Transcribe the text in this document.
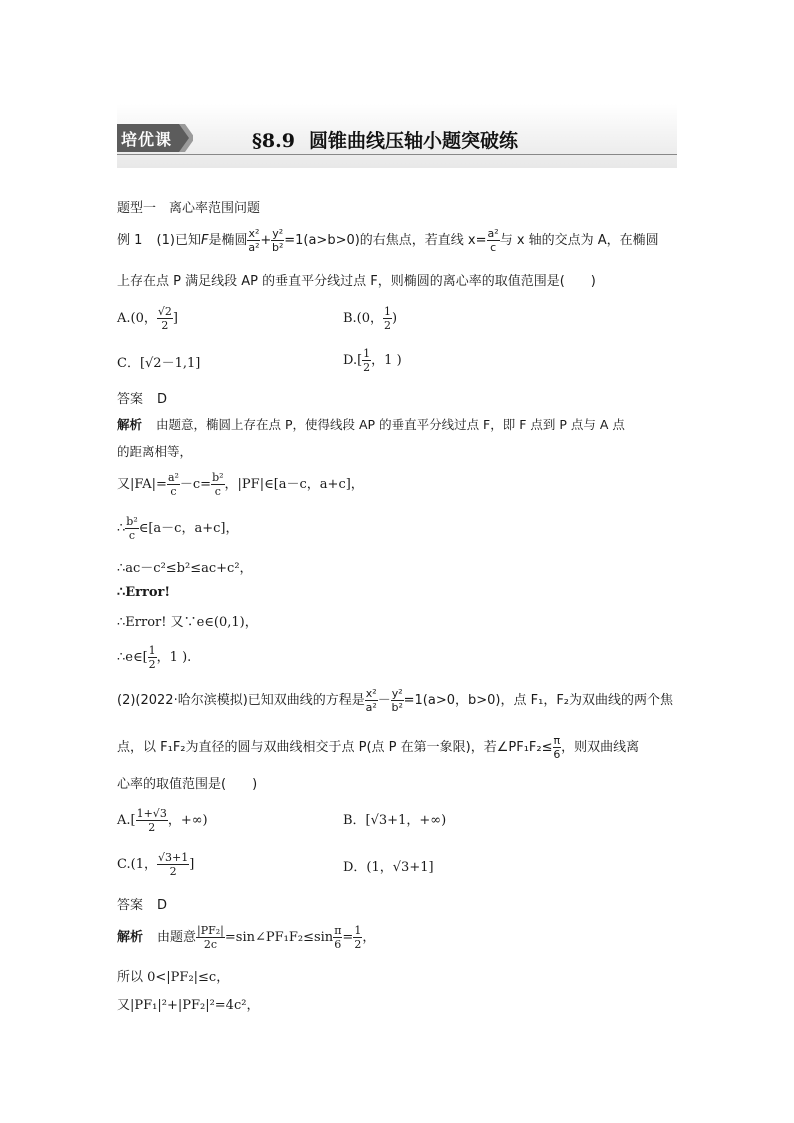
培优课	§8.9 圆锥曲线压轴小题突破练
题型一　离心率范围问题
例 1 (1)已知F是椭圆 $\frac{\text{x²}}{\text{a²}} + \frac{\text{y²}}{\text{b²}} =1(a>b>0)$的右焦点，若直线 $x= \frac{\text{a²}}{c}$ 与 x 轴的交点为 A，在椭圆
上存在点 P 满足线段 AP 的垂直平分线过点 F，则椭圆的离心率的取值范围是(　　)
A.(0， $\frac{√2}{2}$ ]	B.(0， $\frac{1}{2}$ )
C．[√2－1,1]	$D.[ \frac{1}{2}$ ，1 )
答案 D
解析 由题意，椭圆上存在点 P，使得线段 AP 的垂直平分线过点 F，即 F 点到 P 点与 A 点
的距离相等，
又$|FA|= \frac{\text{a²}}{c} -c= \frac{\text{b²}}{c}$ ，|PF|∈[a－c，a+c]，
∴ $\frac{\text{b²}}{c}$ ∈[a－c，a+c]，
∴ac－c²≤b²≤ac+c²，
∴Error!
∴Error! 又∵e∈(0,1)，
∴e∈[ $\frac{1}{2}$ ，1 ).
(2)(2022·哈尔滨模拟)已知双曲线的方程是 $\frac{\text{x²}}{\text{a²}} - \frac{\text{y²}}{\text{b²}} =1(a>0$，b>0)，点 F₁，F₂为双曲线的两个焦
点，以 F₁F₂为直径的圆与双曲线相交于点 P(点 P 在第一象限)，若∠PF₁F₂≤ $\frac{\pi}{6}$ ，则双曲线离
心率的取值范围是(　　)
$A.[ \frac{1+√3}{2}$ ，+∞)	B．[√3+1，+∞)
C.(1， $\frac{√3+1}{2}$ ]	D．(1，√3+1]
答案 D
解析 由题意 $\frac{\text{|PF₂|}}{2c}$ =sin∠PF₁F₂≤sin $\frac{\pi}{6} = \frac{1}{2}$ ，
所以 0<|PF₂|≤c，
又|PF₁|²+|PF₂|²=4c²，
